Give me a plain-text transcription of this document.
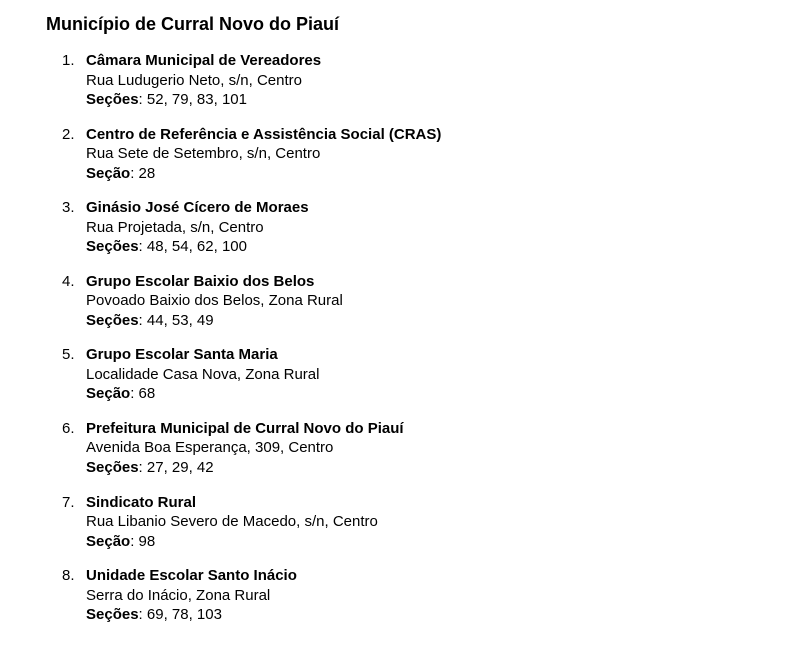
Município de Curral Novo do Piauí
1. Câmara Municipal de Vereadores
Rua Ludugerio Neto, s/n, Centro
Seções: 52, 79, 83, 101
2. Centro de Referência e Assistência Social (CRAS)
Rua Sete de Setembro, s/n, Centro
Seção: 28
3. Ginásio José Cícero de Moraes
Rua Projetada, s/n, Centro
Seções: 48, 54, 62, 100
4. Grupo Escolar Baixio dos Belos
Povoado Baixio dos Belos, Zona Rural
Seções: 44, 53, 49
5. Grupo Escolar Santa Maria
Localidade Casa Nova, Zona Rural
Seção: 68
6. Prefeitura Municipal de Curral Novo do Piauí
Avenida Boa Esperança, 309, Centro
Seções: 27, 29, 42
7. Sindicato Rural
Rua Libanio Severo de Macedo, s/n, Centro
Seção: 98
8. Unidade Escolar Santo Inácio
Serra do Inácio, Zona Rural
Seções: 69, 78, 103
